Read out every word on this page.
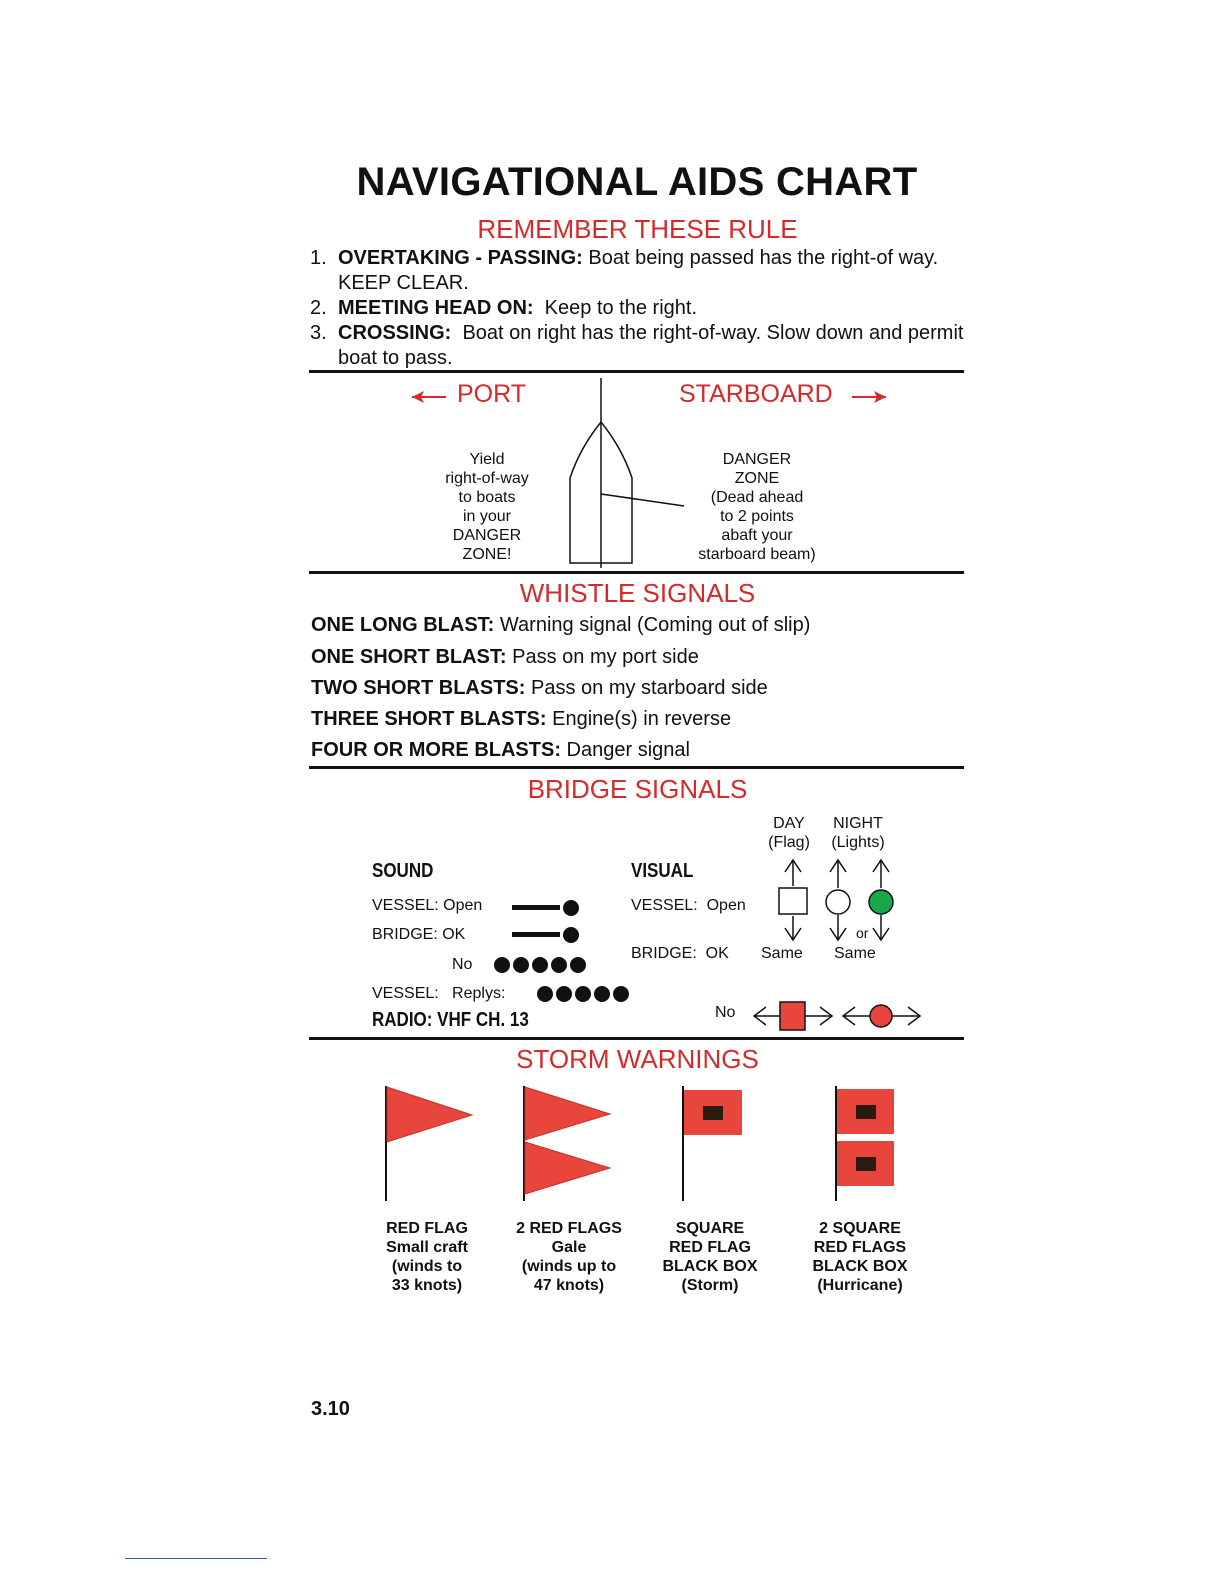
NAVIGATIONAL AIDS CHART
REMEMBER THESE RULE
1. OVERTAKING - PASSING: Boat being passed has the right-of way. KEEP CLEAR.
2. MEETING HEAD ON:  Keep to the right.
3. CROSSING:  Boat on right has the right-of-way. Slow down and permit boat to pass.
PORT	STARBOARD
Yield
right-of-way
to boats
in your
DANGER
ZONE!
DANGER
ZONE
(Dead ahead
to 2 points
abaft your
starboard beam)
WHISTLE SIGNALS
ONE LONG BLAST: Warning signal (Coming out of slip)
ONE SHORT BLAST: Pass on my port side
TWO SHORT BLASTS: Pass on my starboard side
THREE SHORT BLASTS: Engine(s) in reverse
FOUR OR MORE BLASTS: Danger signal
BRIDGE SIGNALS
DAY
(Flag)
NIGHT
(Lights)
SOUND	VISUAL
VESSEL: Open
BRIDGE: OK
No
VESSEL:   Replys:
RADIO: VHF CH. 13
VESSEL:  Open
BRIDGE:  OK Same Same
or
No
STORM WARNINGS
RED FLAG
Small craft
(winds to
33 knots)
2 RED FLAGS
Gale
(winds up to
47 knots)
SQUARE
RED FLAG
BLACK BOX
(Storm)
2 SQUARE
RED FLAGS
BLACK BOX
(Hurricane)
3.10
